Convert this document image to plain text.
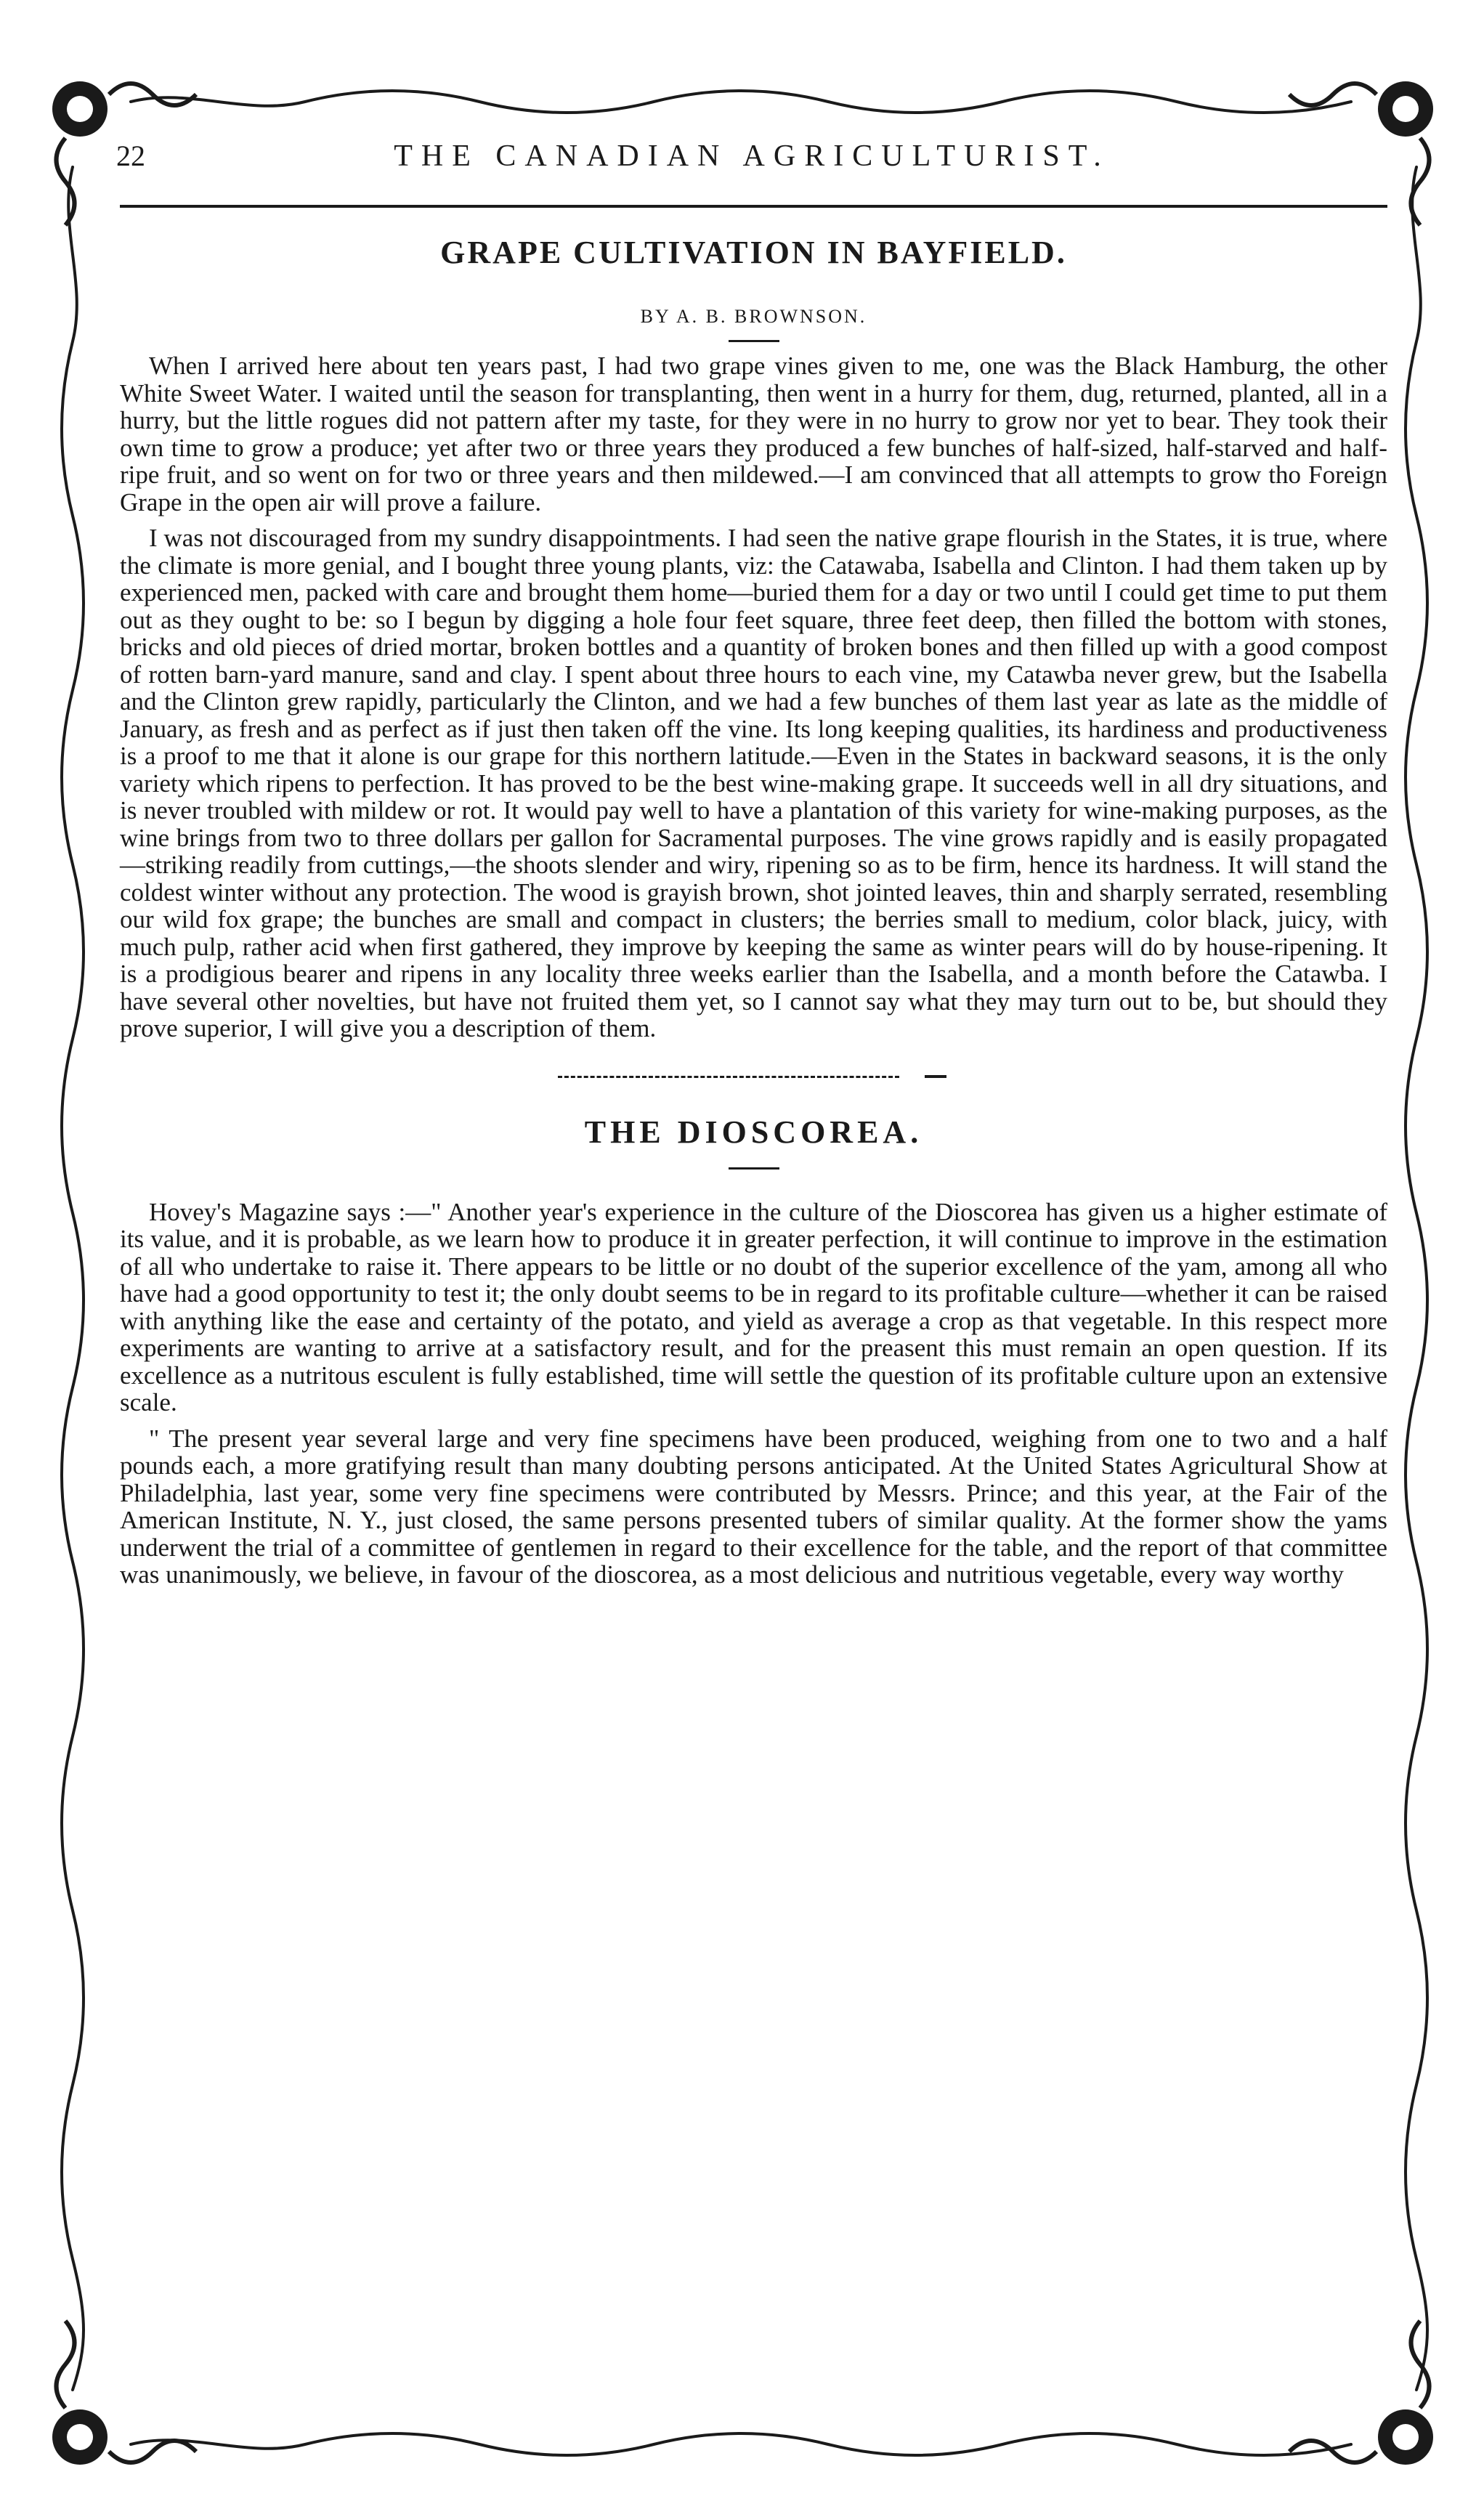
22	THE CANADIAN AGRICULTURIST.
GRAPE CULTIVATION IN BAYFIELD.

BY A. B. BROWNSON.

When I arrived here about ten years past, I had two grape vines given to me, one was the Black Hamburg, the other White Sweet Water. I waited until the season for transplanting, then went in a hurry for them, dug, returned, planted, all in a hurry, but the little rogues did not pattern after my taste, for they were in no hurry to grow nor yet to bear. They took their own time to grow a produce; yet after two or three years they produced a few bunches of half-sized, half-starved and half-ripe fruit, and so went on for two or three years and then mildewed.—I am convinced that all attempts to grow tho Foreign Grape in the open air will prove a failure.

I was not discouraged from my sundry disappointments. I had seen the native grape flourish in the States, it is true, where the climate is more genial, and I bought three young plants, viz: the Catawaba, Isabella and Clinton. I had them taken up by experienced men, packed with care and brought them home—buried them for a day or two until I could get time to put them out as they ought to be: so I begun by digging a hole four feet square, three feet deep, then filled the bottom with stones, bricks and old pieces of dried mortar, broken bottles and a quantity of broken bones and then filled up with a good compost of rotten barn-yard manure, sand and clay. I spent about three hours to each vine, my Catawba never grew, but the Isabella and the Clinton grew rapidly, particularly the Clinton, and we had a few bunches of them last year as late as the middle of January, as fresh and as perfect as if just then taken off the vine. Its long keeping qualities, its hardiness and productiveness is a proof to me that it alone is our grape for this northern latitude.—Even in the States in backward seasons, it is the only variety which ripens to perfection. It has proved to be the best wine-making grape. It succeeds well in all dry situations, and is never troubled with mildew or rot. It would pay well to have a plantation of this variety for wine-making purposes, as the wine brings from two to three dollars per gallon for Sacramental purposes. The vine grows rapidly and is easily propagated—striking readily from cuttings,—the shoots slender and wiry, ripening so as to be firm, hence its hardness. It will stand the coldest winter without any protection. The wood is grayish brown, shot jointed leaves, thin and sharply serrated, resembling our wild fox grape; the bunches are small and compact in clusters; the berries small to medium, color black, juicy, with much pulp, rather acid when first gathered, they improve by keeping the same as winter pears will do by house-ripening. It is a prodigious bearer and ripens in any locality three weeks earlier than the Isabella, and a month before the Catawba. I have several other novelties, but have not fruited them yet, so I cannot say what they may turn out to be, but should they prove superior, I will give you a description of them.

THE DIOSCOREA.

Hovey's Magazine says :—" Another year's experience in the culture of the Dioscorea has given us a higher estimate of its value, and it is probable, as we learn how to produce it in greater perfection, it will continue to improve in the estimation of all who undertake to raise it. There appears to be little or no doubt of the superior excellence of the yam, among all who have had a good opportunity to test it; the only doubt seems to be in regard to its profitable culture—whether it can be raised with anything like the ease and certainty of the potato, and yield as average a crop as that vegetable. In this respect more experiments are wanting to arrive at a satisfactory result, and for the preasent this must remain an open question. If its excellence as a nutritous esculent is fully established, time will settle the question of its profitable culture upon an extensive scale.

" The present year several large and very fine specimens have been produced, weighing from one to two and a half pounds each, a more gratifying result than many doubting persons anticipated. At the United States Agricultural Show at Philadelphia, last year, some very fine specimens were contributed by Messrs. Prince; and this year, at the Fair of the American Institute, N. Y., just closed, the same persons presented tubers of similar quality. At the former show the yams underwent the trial of a committee of gentlemen in regard to their excellence for the table, and the report of that committee was unanimously, we believe, in favour of the dioscorea, as a most delicious and nutritious vegetable, every way worthy
